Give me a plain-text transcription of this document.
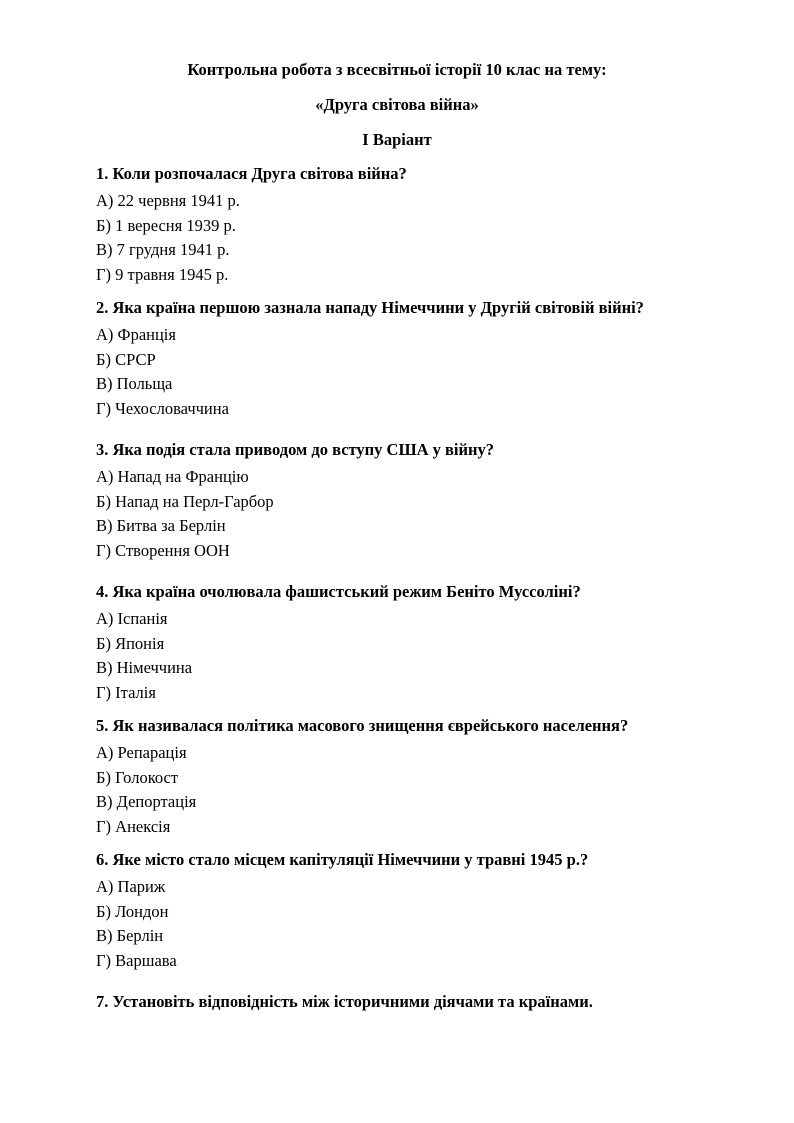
Контрольна робота з всесвітньої історії 10 клас на тему:
«Друга світова війна»
І Варіант
1. Коли розпочалася Друга світова війна?
А) 22 червня 1941 р.
Б) 1 вересня 1939 р.
В) 7 грудня 1941 р.
Г) 9 травня 1945 р.
2. Яка країна першою зазнала нападу Німеччини у Другій світовій війні?
А) Франція
Б) СРСР
В) Польща
Г) Чехословаччина
3. Яка подія стала приводом до вступу США у війну?
А) Напад на Францію
Б) Напад на Перл-Гарбор
В) Битва за Берлін
Г) Створення ООН
4. Яка країна очолювала фашистський режим Беніто Муссоліні?
А) Іспанія
Б) Японія
В) Німеччина
Г) Італія
5. Як називалася політика масового знищення єврейського населення?
А) Репарація
Б) Голокост
В) Депортація
Г) Анексія
6. Яке місто стало місцем капітуляції Німеччини у травні 1945 р.?
А) Париж
Б) Лондон
В) Берлін
Г) Варшава
7. Установіть відповідність між історичними діячами та країнами.
